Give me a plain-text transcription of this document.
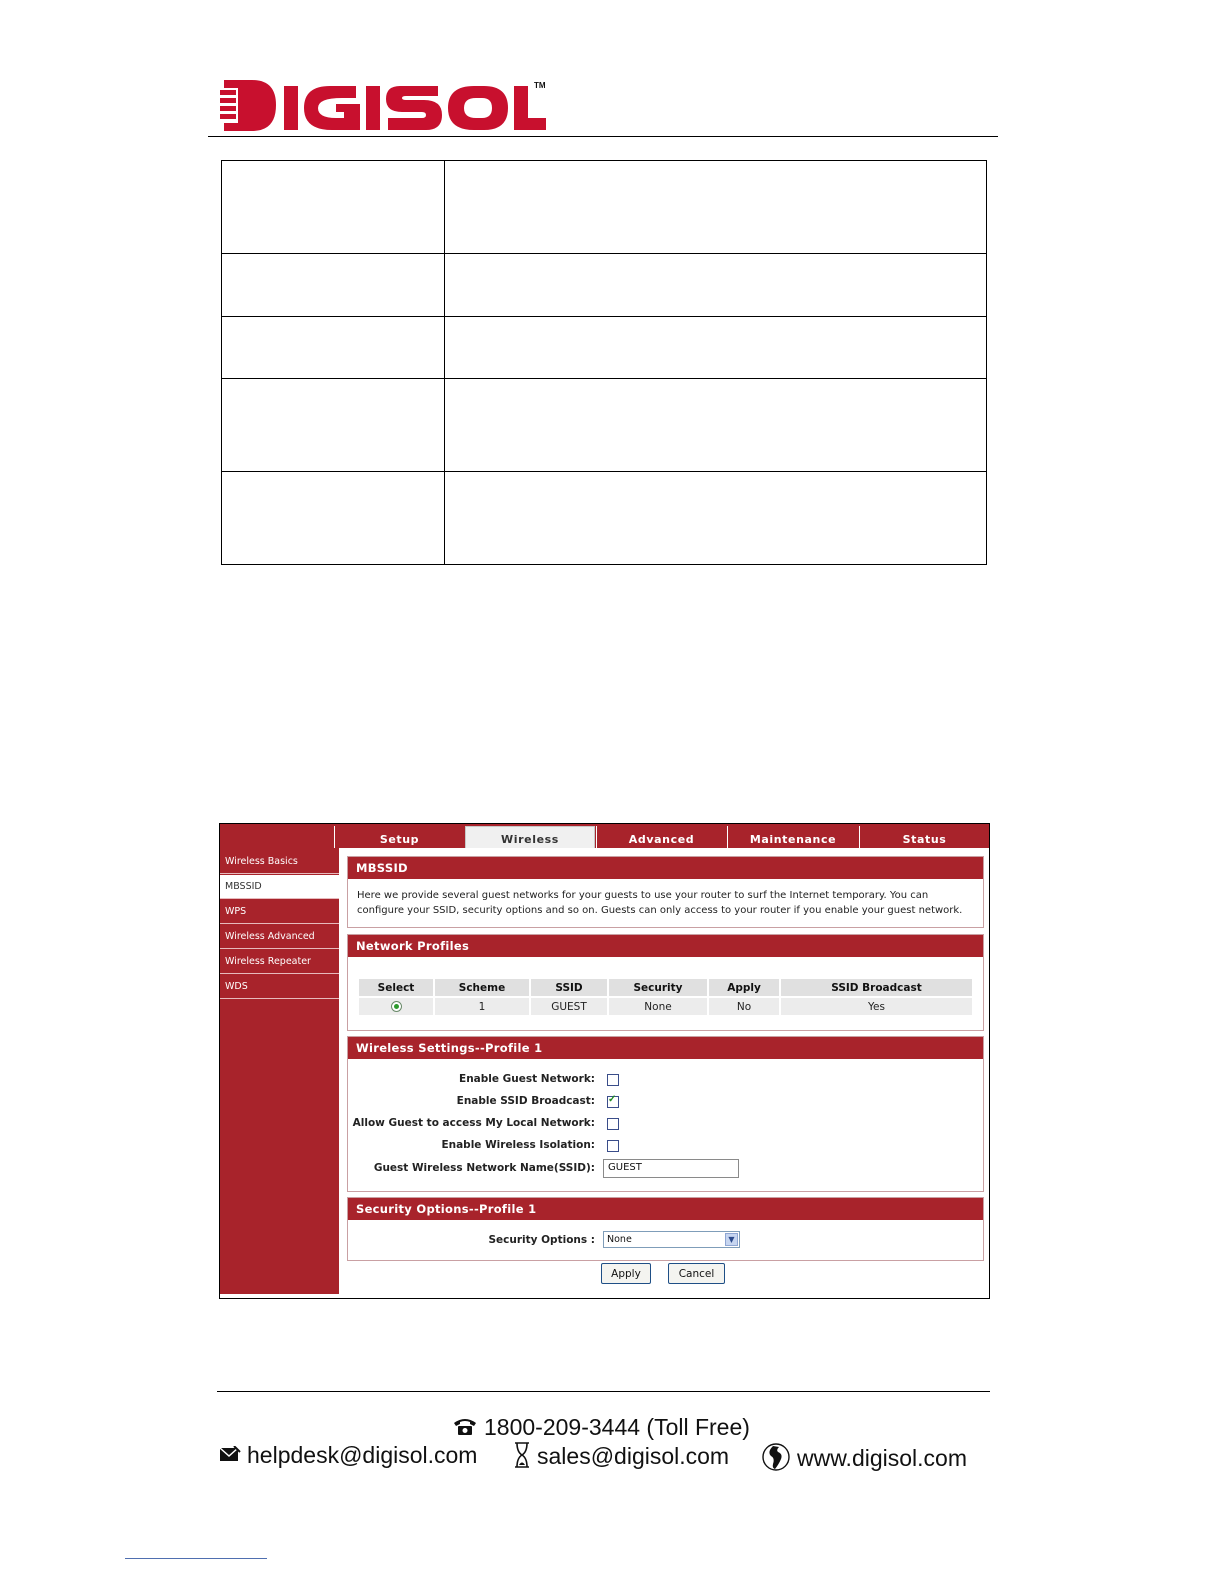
TM

Setup	Wireless	Advanced	Maintenance	Status
Wireless Basics
MBSSID
WPS
Wireless Advanced
Wireless Repeater
WDS
MBSSID
Here we provide several guest networks for your guests to use your router to surf the Internet temporary. You can configure your SSID, security options and so on. Guests can only access to your router if you enable your guest network.
Network Profiles
Select	Scheme	SSID	Security	Apply	SSID Broadcast
	1	GUEST	None	No	Yes
Wireless Settings--Profile 1
Enable Guest Network:
Enable SSID Broadcast:
✓
Allow Guest to access My Local Network:
Enable Wireless Isolation:
Guest Wireless Network Name(SSID):	GUEST
Security Options--Profile 1
Security Options :	None	▼
Apply	Cancel
1800-209-3444 (Toll Free)
helpdesk@digisol.com	sales@digisol.com	www.digisol.com
